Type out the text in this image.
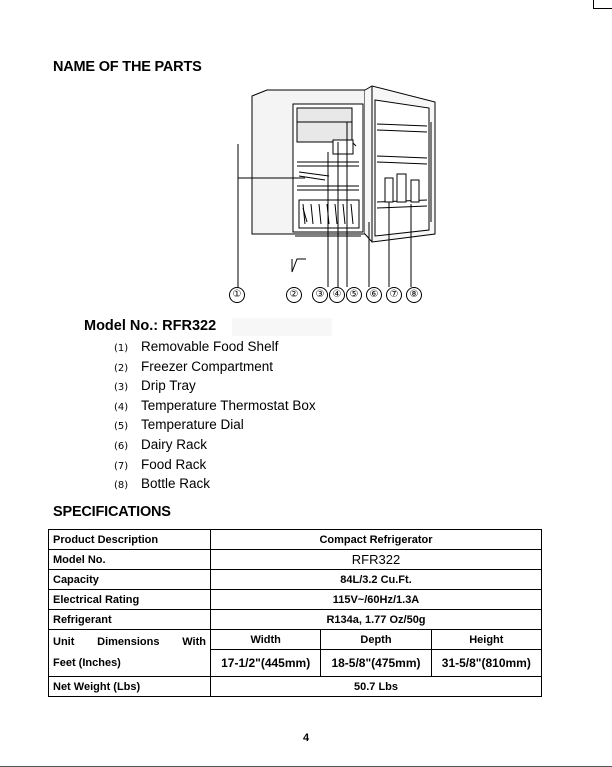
NAME OF THE PARTS
①	②	③ ④ ⑤	⑥	⑦	⑧
Model No.: RFR322
(1) Removable Food Shelf
(2) Freezer Compartment
(3) Drip Tray
(4) Temperature Thermostat Box
(5) Temperature Dial
(6) Dairy Rack
(7) Food Rack
(8) Bottle Rack
SPECIFICATIONS
Product Description	Compact Refrigerator		
Model No.	RFR322		
Capacity	84L/3.2 Cu.Ft.		
Electrical Rating	115V~/60Hz/1.3A		
Refrigerant	R134a, 1.77 Oz/50g		

Unit Dimensions With
Feet (Inches)	Width	Depth	Height
	17-1/2"(445mm)	18-5/8"(475mm)	31-5/8"(810mm)
Net Weight (Lbs)	50.7 Lbs		
4
